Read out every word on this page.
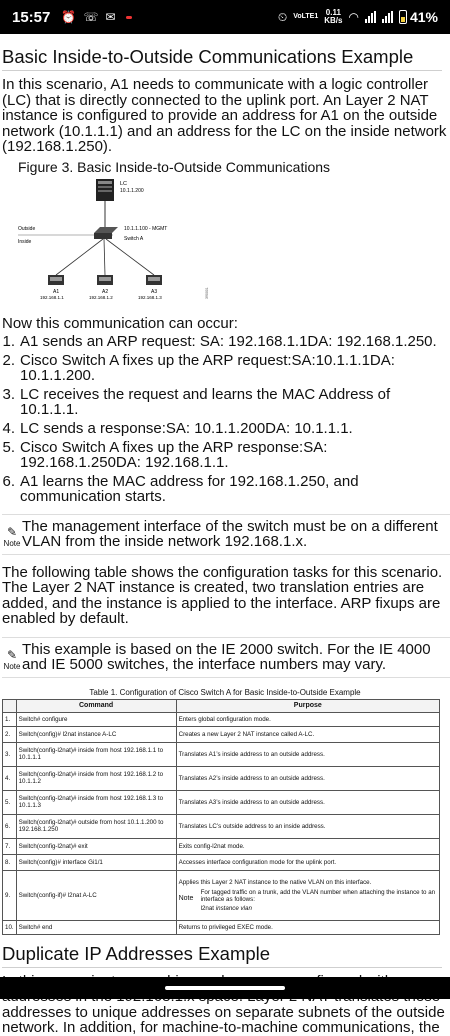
15:57 ⏰ ☏ ✉	⏲ VoLTE1 0.11
KB/s ◠	41%
Basic Inside-to-Outside Communications Example

In this scenario, A1 needs to communicate with a logic controller (LC) that is directly connected to the uplink port. An Layer 2 NAT instance is configured to provide an address for A1 on the outside network (10.1.1.1) and an address for the LC on the inside network (192.168.1.250).

Figure 3. Basic Inside-to-Outside Communications
LC
10.1.1.200
Outside
Inside
10.1.1.100 - MGMT
Switch A
A1
192.168.1.1
A2
192.168.1.2
A3
192.168.1.3	390001
Now this communication can occur:
1. A1 sends an ARP request: SA: 192.168.1.1DA: 192.168.1.250.
2. Cisco Switch A fixes up the ARP request:SA:10.1.1.1DA: 10.1.1.200.
3. LC receives the request and learns the MAC Address of 10.1.1.1.
4. LC sends a response:SA: 10.1.1.200DA: 10.1.1.1.
5. Cisco Switch A fixes up the ARP response:SA: 192.168.1.250DA: 192.168.1.1.
6. A1 learns the MAC address for 192.168.1.250, and communication starts.
✎
Note
The management interface of the switch must be on a different VLAN from the inside network 192.168.1.x.

The following table shows the configuration tasks for this scenario. The Layer 2 NAT instance is created, two translation entries are added, and the instance is applied to the interface. ARP fixups are enabled by default.

✎
Note
This example is based on the IE 2000 switch. For the IE 4000 and IE 5000 switches, the interface numbers may vary.
Table 1. Configuration of Cisco Switch A for Basic Inside-to-Outside Example
	Command	Purpose
1.	Switch# configure	Enters global configuration mode.
2.	Switch(config)# l2nat instance A-LC	Creates a new Layer 2 NAT instance called A-LC.
3.	Switch(config-l2nat)# inside from host 192.168.1.1 to 10.1.1.1	Translates A1’s inside address to an outside address.
4.	Switch(config-l2nat)# inside from host 192.168.1.2 to 10.1.1.2	Translates A2’s inside address to an outside address.
5.	Switch(config-l2nat)# inside from host 192.168.1.3 to 10.1.1.3	Translates A3’s inside address to an outside address.
6.	Switch(config-l2nat)# outside from host 10.1.1.200 to 192.168.1.250	Translates LC’s outside address to an inside address.
7.	Switch(config-l2nat)# exit	Exits config-l2nat mode.
8.	Switch(config)# interface Gi1/1	Accesses interface configuration mode for the uplink port.
9.	Switch(config-if)# l2nat A-LC	Applies this Layer 2 NAT instance to the native VLAN on this interface.
Note
For tagged traffic on a trunk, add the VLAN number when attaching the instance to an interface as follows:
l2nat instance vlan

10.	Switch# end	Returns to privileged EXEC mode.
Duplicate IP Addresses Example

addresses to unique addresses on separate subnets of the outside network. In addition, for machine-to-machine communications, the
